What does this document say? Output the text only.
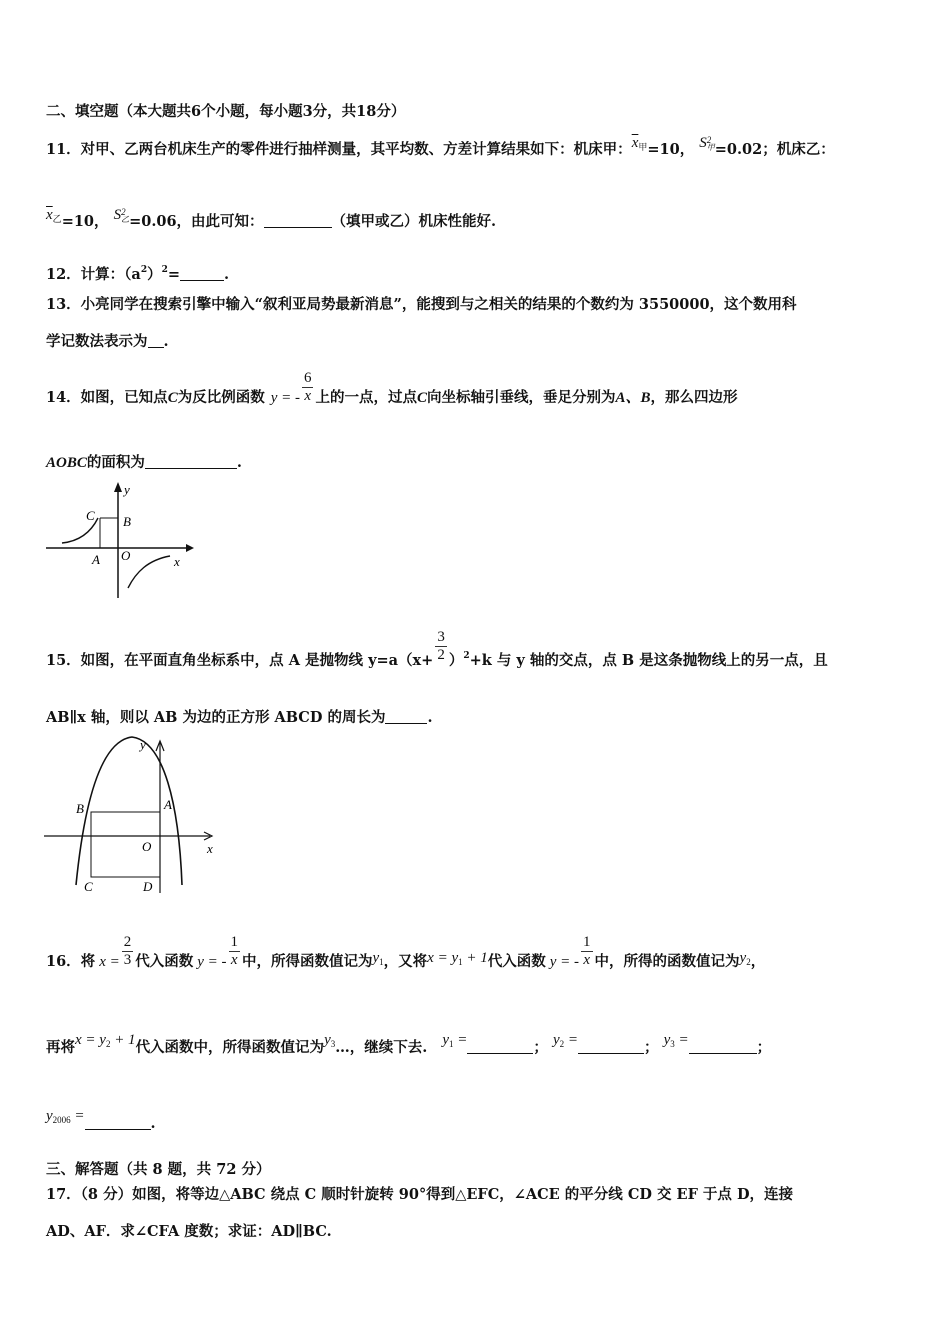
二、填空题（本大题共6个小题，每小题3分，共18分）
11．对甲、乙两台机床生产的零件进行抽样测量，其平均数、方差计算结果如下：机床甲：$\overline{x}_甲=10$， S 2
甲 =0.02；机床乙：
$\overline{x}_乙=10$， S 2
乙 =0.06，由此可知：	（填甲或乙）机床性能好.
12．计算：$(a^2)^2=$	.
13．小亮同学在搜索引擎中输入“叙利亚局势最新消息”，能搜到与之相关的结果的个数约为 3550000，这个数用科
学记数法表示为 .
14．如图，已知点C为反比例函数 y = - $\frac{6}{x}$ 上的一点，过点C向坐标轴引垂线，垂足分别为A、B，那么四边形
AOBC的面积为	.
y
x
C B
A O
15．如图，在平面直角坐标系中，点 A 是抛物线 $y=a(x+ \frac{3}{2} )^2+k$ 与 y 轴的交点，点 B 是这条抛物线上的另一点，且
AB∥x 轴，则以 AB 为边的正方形 ABCD 的周长为	.
y
x
A
B
O
C	D
16．将 $x = \frac{2}{3}$ 代入函数 y = - $\frac{1}{x}$ 中，所得函数值记为$y_1$，又将$x = y_1 + 1$代入函数 y = - $\frac{1}{x}$ 中，所得的函数值记为$y_2$，
再将$x = y_2 + 1$代入函数中，所得函数值记为$y_3\dots$，继续下去. $y_1$ =	； $y_2$ =	； $y_3$ =	；
$y_{2006}$ =	.
三、解答题（共 8 题，共 72 分）
17．（8 分）如图，将等边△ABC 绕点 C 顺时针旋转 90°得到△EFC，∠ACE 的平分线 CD 交 EF 于点 D，连接
AD、AF．求∠CFA 度数；求证：AD∥BC.
